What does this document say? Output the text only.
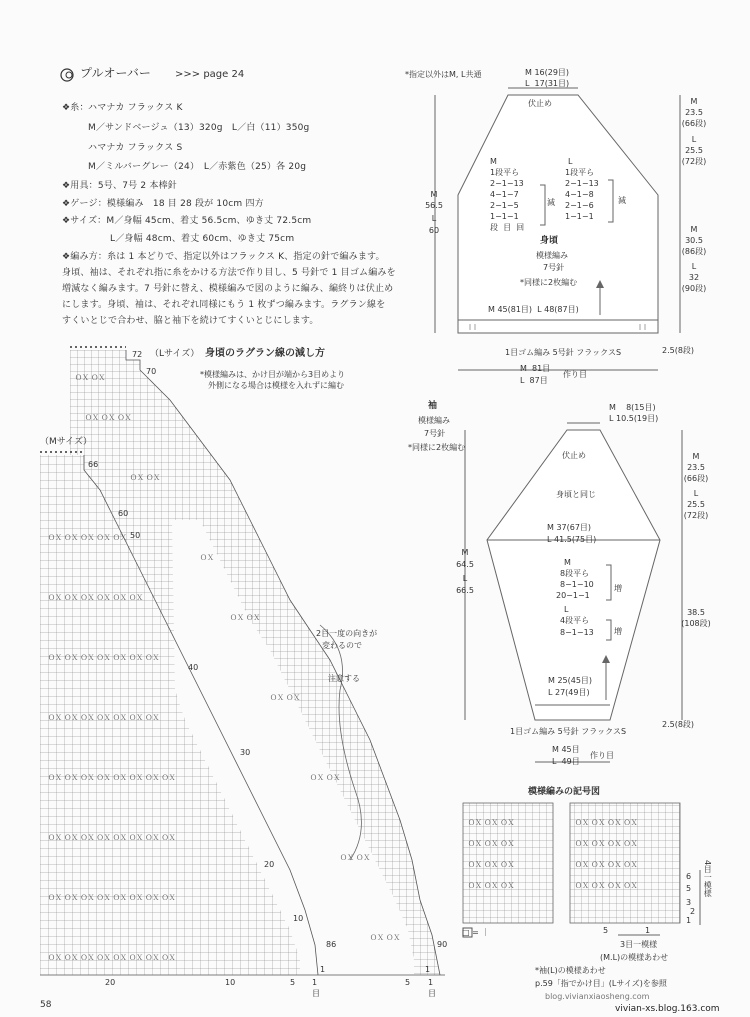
ＯＸ ＯＸ ＯＸ ＯＸ ＯＸ
ＯＸ ＯＸ ＯＸ ＯＸ ＯＸ ＯＸ
ＯＸ ＯＸ ＯＸ ＯＸ ＯＸ ＯＸ ＯＸ
ＯＸ ＯＸ ＯＸ ＯＸ ＯＸ ＯＸ ＯＸ
ＯＸ ＯＸ ＯＸ ＯＸ ＯＸ ＯＸ ＯＸ ＯＸ
ＯＸ ＯＸ ＯＸ ＯＸ ＯＸ ＯＸ ＯＸ ＯＸ
ＯＸ ＯＸ ＯＸ ＯＸ ＯＸ ＯＸ ＯＸ ＯＸ
ＯＸ ＯＸ ＯＸ ＯＸ ＯＸ ＯＸ ＯＸ ＯＸ
ＯＸ ＯＸ
ＯＸ ＯＸ ＯＸ
ＯＸ ＯＸ
ＯＸ
ＯＸ ＯＸ
ＯＸ ＯＸ
ＯＸ ＯＸ
ＯＸ ＯＸ
ＯＸ ＯＸ
ＯＸ ＯＸ ＯＸ
ＯＸ ＯＸ ＯＸ
ＯＸ ＯＸ ＯＸ
ＯＸ ＯＸ ＯＸ
ＯＸ ＯＸ ＯＸ ＯＸ
ＯＸ ＯＸ ＯＸ ＯＸ
ＯＸ ＯＸ ＯＸ ＯＸ
ＯＸ ＯＸ ＯＸ ＯＸ
プルオーバー >>> page 24	*指定以外はM, L共通
❖糸： ハマナカ フラックス K
M／サンドベージュ（13）320g　L／白（11）350g
ハマナカ フラックス S
M／ミルバーグレー（24）　L／赤紫色（25）各 20g
❖用具：5号、7号 2 本棒針
❖ゲージ：模様編み　18 目 28 段が 10cm 四方
❖サイズ：M／身幅 45cm、着丈 56.5cm、ゆき丈 72.5cm
L／身幅 48cm、着丈 60cm、ゆき丈 75cm
❖編み方：糸は 1 本どりで、指定以外はフラックス K、指定の針で編みます。
身頃、袖は、それぞれ指に糸をかける方法で作り目し、5 号針で 1 目ゴム編みを
増減なく編みます。7 号針に替え、模様編みで図のように編み、編終りは伏止め
にします。身頃、袖は、それぞれ同様にもう 1 枚ずつ編みます。ラグラン線を
すくいとじで合わせ、脇と袖下を続けてすくいとじにします。
（Lサイズ） 身頃のラグラン線の減し方
*模様編みは、かけ目が端から3目めより
外側になる場合は模様を入れずに編む
（Mサイズ）
2目一度の向きが
変わるので
注意する
72
70
66
60
50
40
30
20
10
1
86	90
1
20	10	5 1
目
5 1
目
M 16(29目)
L  17(31目)
伏止め	M
23.5
(66段)
L
25.5
(72段)
M
1段平ら
2−1−13
4−1−7
2−1−5
1−1−1
段  目  回
減
L
1段平ら
2−1−13
4−1−8
2−1−6
1−1−1
減
M
56.5
L
60
身頃
模様編み
7号針
*同様に2枚編む
M
30.5
(86段)
L
32
(90段)
M 45(81目)  L 48(87目)
1目ゴム編み 5号針 フラックスS	2.5(8段)
M  81目
L  87目
作り目
袖
模様編み
7号針
*同様に2枚編む
M    8(15目)
L 10.5(19目)
伏止め
身頃と同じ
M
23.5
(66段)
L
25.5
(72段)
M 37(67目)
L 41.5(75目)
M
64.5
L
66.5
M
8段平ら
8−1−10
20−1−1
増
L
4段平ら
8−1−13	増
38.5
(108段)
M 25(45目)
L 27(49目)
1目ゴム編み 5号針 フラックスS
2.5(8段)
M 45目
L  49目
作り目
模様編みの記号図
6
5
3
2
1
4目一模様
5	1
3目一模様
□ = ｜
(M.L)の模様あわせ
*袖(L)の模様あわせ
p.59「指でかけ目」(Lサイズ)を参照
58
blog.vivianxiaosheng.com
vivian-xs.blog.163.com
